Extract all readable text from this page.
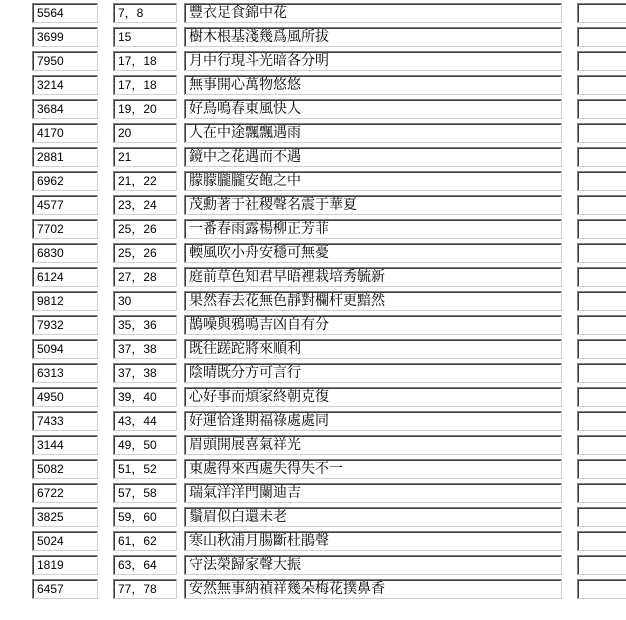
5564	7，8	豐衣足食錦中花
3699	15	樹木根基淺幾爲風所拔
7950	17，18	月中行現斗光暗各分明
3214	17，18	無事開心萬物悠悠
3684	19，20	好鳥鳴春東風快人
4170	20	人在中途飄飄遇雨
2881	21	鏡中之花遇而不遇
6962	21，22	朦朦朧朧安飽之中
4577	23，24	茂勳著于社稷聲名震于華夏
7702	25，26	一番春雨露楊柳正芳菲
6830	25，26	輭風吹小舟安穩可無憂
6124	27，28	庭前草色知君早晤裡栽培秀毓新
9812	30	果然春去花無色靜對欄杆更黯然
7932	35，36	鵲噪與鴉鳴吉凶自有分
5094	37，38	既往蹉跎將來順利
6313	37，38	陰晴既分方可言行
4950	39，40	心好事而煩家終朝克復
7433	43，44	好運恰逢期福祿處處同
3144	49，50	眉頭開展喜氣祥光
5082	51，52	東處得來西處失得失不一
6722	57，58	瑞氣洋洋門闌迪吉
3825	59，60	鬚眉似白還未老
5024	61，62	寒山秋浦月腸斷杜鵑聲
1819	63，64	守法榮歸家聲大振
6457	77，78	安然無事納禎祥幾朵梅花撲鼻香
